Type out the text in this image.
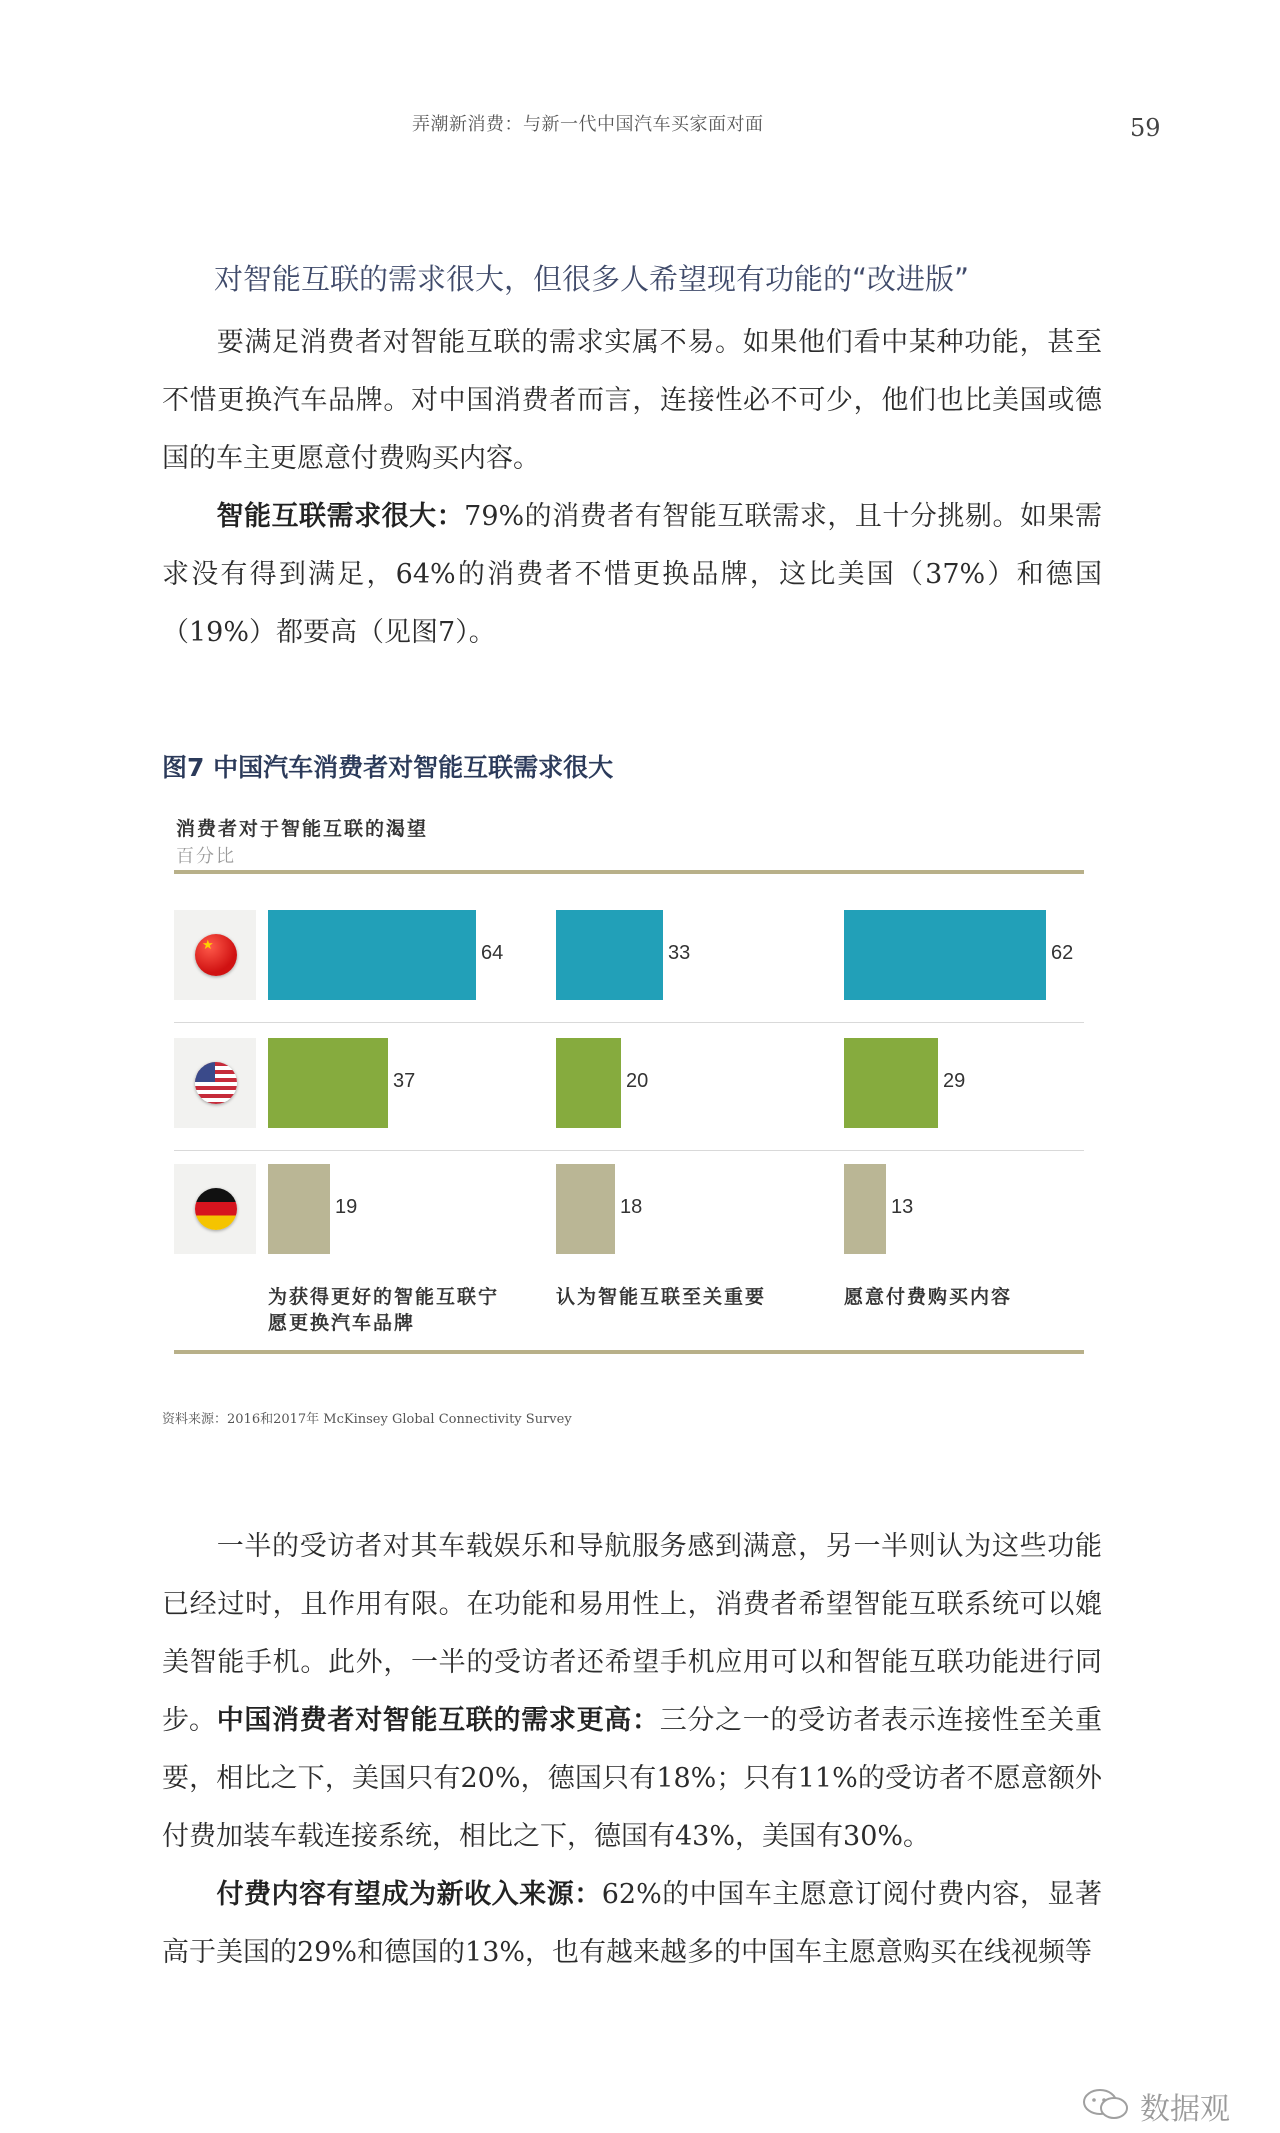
弄潮新消费：与新一代中国汽车买家面对面	59
对智能互联的需求很大，但很多人希望现有功能的“改进版”

要满足消费者对智能互联的需求实属不易。如果他们看中某种功能，甚至不惜更换汽车品牌。对中国消费者而言，连接性必不可少，他们也比美国或德国的车主更愿意付费购买内容。

智能互联需求很大：79%的消费者有智能互联需求，且十分挑剔。如果需求没有得到满足，64%的消费者不惜更换品牌，这比美国（37%）和德国（19%）都要高（见图7）。

图7 中国汽车消费者对智能互联需求很大
消费者对于智能互联的渴望
百分比
★
64	33	62
37	20	29
19	18	13
为获得更好的智能互联宁愿更换汽车品牌
认为智能互联至关重要	愿意付费购买内容
资料来源：2016和2017年 McKinsey Global Connectivity Survey

一半的受访者对其车载娱乐和导航服务感到满意，另一半则认为这些功能已经过时，且作用有限。在功能和易用性上，消费者希望智能互联系统可以媲美智能手机。此外，一半的受访者还希望手机应用可以和智能互联功能进行同步。 中国消费者对智能互联的需求更高：三分之一的受访者表示连接性至关重要，相比之下，美国只有20%，德国只有18%；只有11%的受访者不愿意额外付费加装车载连接系统，相比之下，德国有43%，美国有30%。

付费内容有望成为新收入来源：62%的中国车主愿意订阅付费内容，显著高于美国的29%和德国的13%，也有越来越多的中国车主愿意购买在线视频等

数据观
